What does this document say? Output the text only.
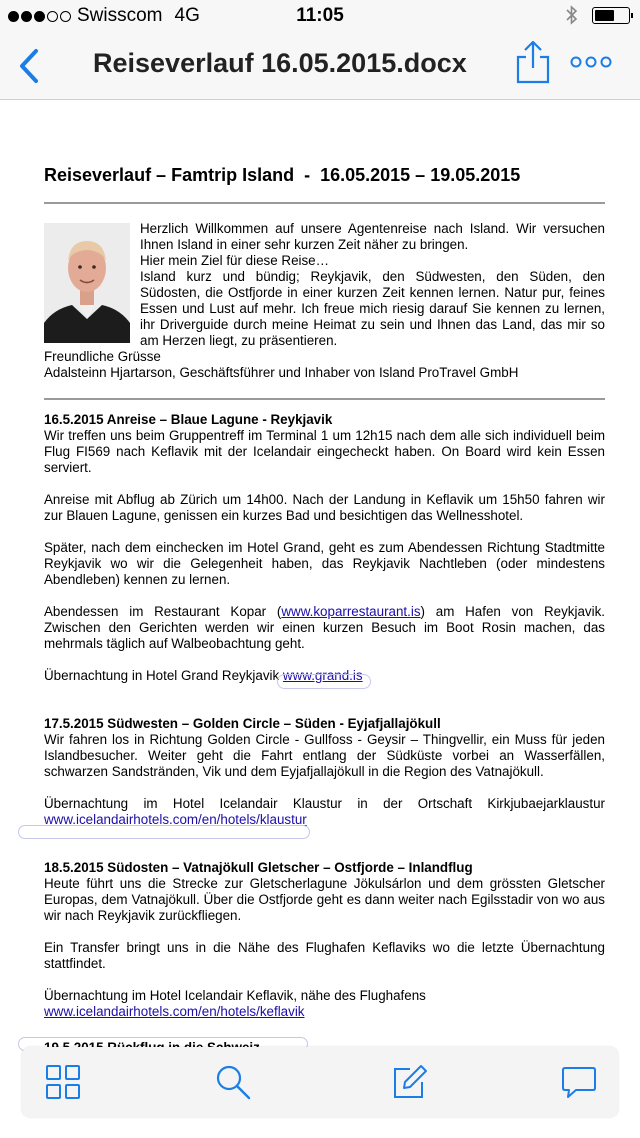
Swisscom 4G	11:05
Reiseverlauf 16.05.2015.docx
Reiseverlauf – Famtrip Island  -  16.05.2015 – 19.05.2015

Herzlich Willkommen auf unsere Agentenreise nach Island. Wir versuchen Ihnen Island in einer sehr kurzen Zeit näher zu bringen.

Hier mein Ziel für diese Reise…

Island kurz und bündig; Reykjavik, den Südwesten, den Süden, den Südosten, die Ostfjorde in einer kurzen Zeit kennen lernen. Natur pur, feines Essen und Lust auf mehr. Ich freue mich riesig darauf Sie kennen zu lernen, ihr Driverguide durch meine Heimat zu sein und Ihnen das Land, das mir so am Herzen liegt, zu präsentieren.

Freundliche Grüsse

Adalsteinn Hjartarson, Geschäftsführer und Inhaber von Island ProTravel GmbH

16.5.2015 Anreise – Blaue Lagune - Reykjavik

Wir treffen uns beim Gruppentreff im Terminal 1 um 12h15 nach dem alle sich individuell beim Flug FI569 nach Keflavik mit der Icelandair eingecheckt haben. On Board wird kein Essen serviert.

Anreise mit Abflug ab Zürich um 14h00. Nach der Landung in Keflavik um 15h50 fahren wir zur Blauen Lagune, genissen ein kurzes Bad und besichtigen das Wellnesshotel.

Später, nach dem einchecken im Hotel Grand, geht es zum Abendessen Richtung Stadtmitte Reykjavik wo wir die Gelegenheit haben, das Reykjavik Nachtleben (oder mindestens Abendleben) kennen zu lernen.

Abendessen im Restaurant Kopar (www.koparrestaurant.is) am Hafen von Reykjavik. Zwischen den Gerichten werden wir einen kurzen Besuch im Boot Rosin machen, das mehrmals täglich auf Walbeobachtung geht.

Übernachtung in Hotel Grand Reykjavik www.grand.is

17.5.2015 Südwesten – Golden Circle – Süden - Eyjafjallajökull

Wir fahren los in Richtung Golden Circle - Gullfoss - Geysir – Thingvellir, ein Muss für jeden Islandbesucher. Weiter geht die Fahrt entlang der Südküste vorbei an Wasserfällen, schwarzen Sandstränden, Vik und dem Eyjafjallajökull in die Region des Vatnajökull.

Übernachtung im Hotel Icelandair Klaustur in der Ortschaft Kirkjubaejarklaustur

www.icelandairhotels.com/en/hotels/klaustur

18.5.2015 Südosten – Vatnajökull Gletscher – Ostfjorde – Inlandflug

Heute führt uns die Strecke zur Gletscherlagune Jökulsárlon und dem grössten Gletscher Europas, dem Vatnajökull. Über die Ostfjorde geht es dann weiter nach Egilsstadir von wo aus wir nach Reykjavik zurückfliegen.

Ein Transfer bringt uns in die Nähe des Flughafen Keflaviks wo die letzte Übernachtung stattfindet.

Übernachtung im Hotel Icelandair Keflavik, nähe des Flughafens

www.icelandairhotels.com/en/hotels/keflavik
